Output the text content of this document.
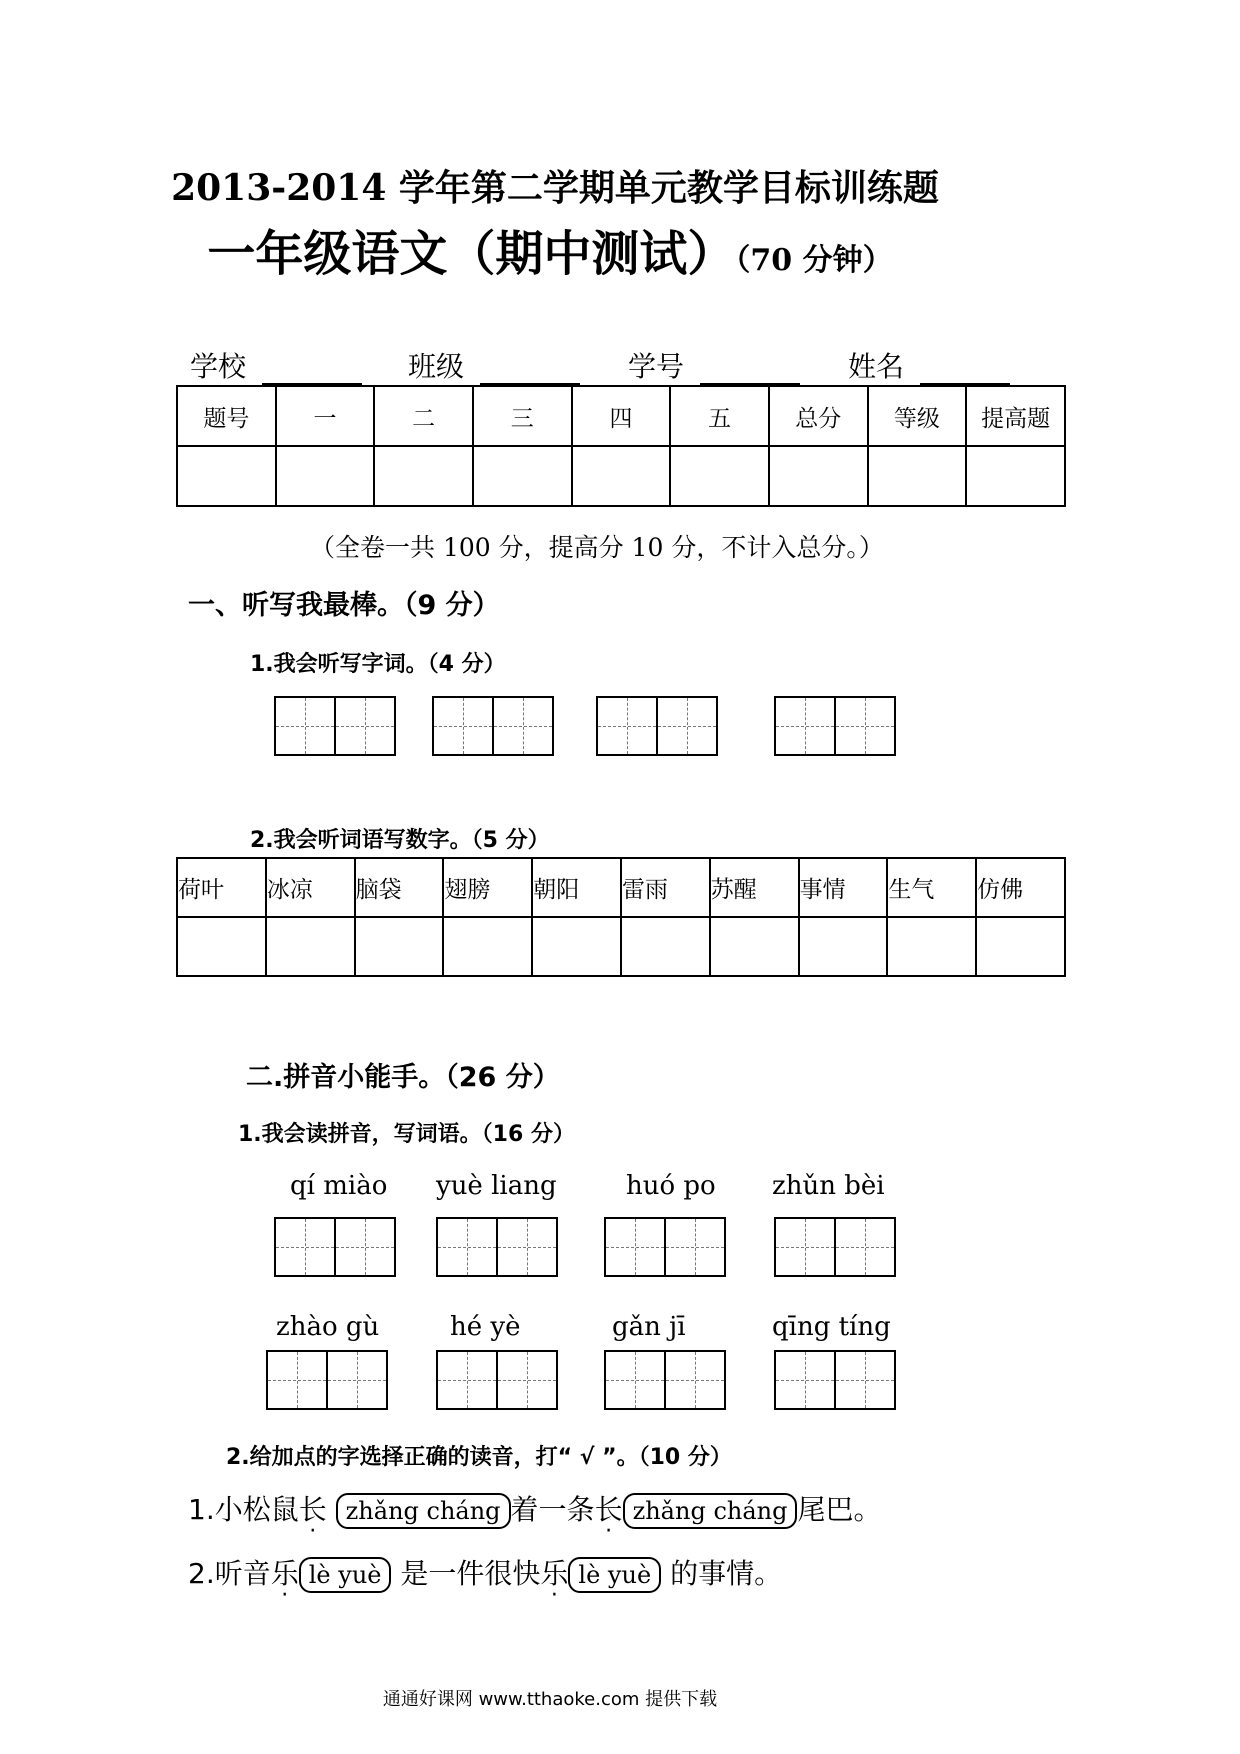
2013-2014 学年第二学期单元教学目标训练题
一年级语文（期中测试）（70 分钟）
学校	班级	学号	姓名
题号	一	二	三	四	五	总分	等级	提高题

（全卷一共 100 分，提高分 10 分，不计入总分。）
一、听写我最棒。（9 分）
1.我会听写字词。（4 分）
2.我会听词语写数字。（5 分）
荷叶	冰凉	脑袋	翅膀	朝阳	雷雨	苏醒	事情	生气	仿佛

二.拼音小能手。（26 分）
1.我会读拼音，写词语。（16 分）
qí miào yuè liang	huó po zhǔn bèi
zhào gù	hé yè	gǎn jī	qīng tíng
2.给加点的字选择正确的读音，打“ √ ”。（10 分）
1.小松鼠长 zhǎng cháng 着一条长 zhǎng cháng 尾巴。
2.听音乐 lè yuè 是一件很快乐 lè yuè 的事情。
通通好课网 www.tthaoke.com 提供下载
